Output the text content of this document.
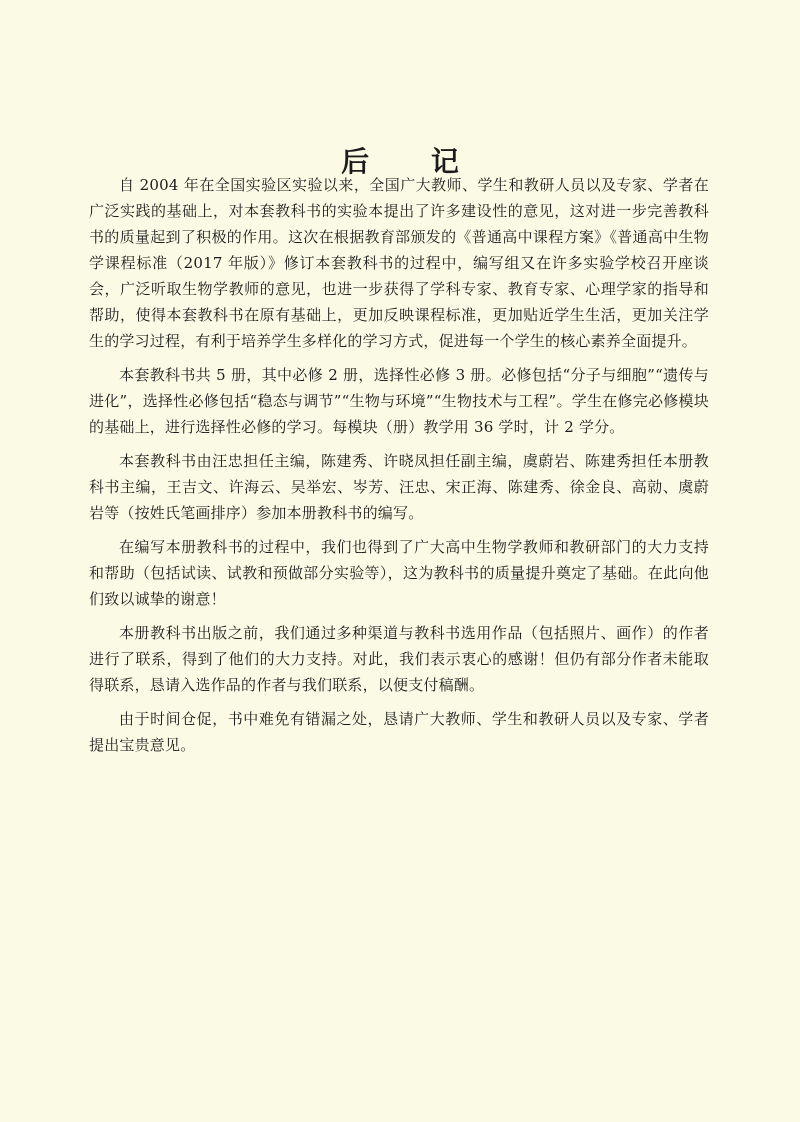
后 记

自 2004 年在全国实验区实验以来，全国广大教师、学生和教研人员以及专家、学者在广泛实践的基础上，对本套教科书的实验本提出了许多建设性的意见，这对进一步完善教科书的质量起到了积极的作用。这次在根据教育部颁发的《普通高中课程方案》《普通高中生物学课程标准（2017 年版）》修订本套教科书的过程中，编写组又在许多实验学校召开座谈会，广泛听取生物学教师的意见，也进一步获得了学科专家、教育专家、心理学家的指导和帮助，使得本套教科书在原有基础上，更加反映课程标准，更加贴近学生生活，更加关注学生的学习过程，有利于培养学生多样化的学习方式，促进每一个学生的核心素养全面提升。

本套教科书共 5 册，其中必修 2 册，选择性必修 3 册。必修包括“分子与细胞”“遗传与进化”，选择性必修包括“稳态与调节”“生物与环境”“生物技术与工程”。学生在修完必修模块的基础上，进行选择性必修的学习。每模块（册）教学用 36 学时，计 2 学分。

本套教科书由汪忠担任主编，陈建秀、许晓凤担任副主编，虞蔚岩、陈建秀担任本册教科书主编，王吉文、许海云、吴举宏、岑芳、汪忠、宋正海、陈建秀、徐金良、高勍、虞蔚岩等（按姓氏笔画排序）参加本册教科书的编写。

在编写本册教科书的过程中，我们也得到了广大高中生物学教师和教研部门的大力支持和帮助（包括试读、试教和预做部分实验等），这为教科书的质量提升奠定了基础。在此向他们致以诚挚的谢意！

本册教科书出版之前，我们通过多种渠道与教科书选用作品（包括照片、画作）的作者进行了联系，得到了他们的大力支持。对此，我们表示衷心的感谢！但仍有部分作者未能取得联系，恳请入选作品的作者与我们联系，以便支付稿酬。

由于时间仓促，书中难免有错漏之处，恳请广大教师、学生和教研人员以及专家、学者提出宝贵意见。
